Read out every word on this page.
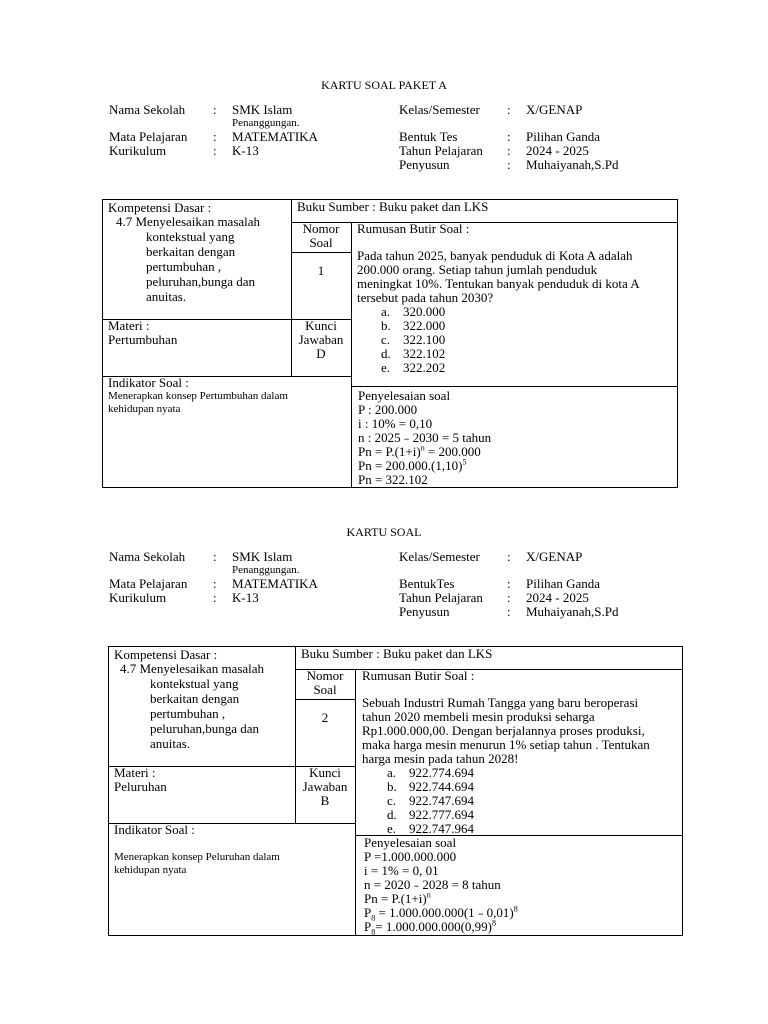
KARTU SOAL PAKET A
Nama Sekolah : SMK Islam
Penanggungan.
Mata Pelajaran : MATEMATIKA
Kurikulum	: K-13
Kelas/Semester : X/GENAP
Bentuk Tes	: Pilihan Ganda
Tahun Pelajaran : 2024 - 2025
Penyusun	: Muhaiyanah,S.Pd
Kompetensi Dasar :
4.7 Menyelesaikan masalah
kontekstual yang
berkaitan dengan
pertumbuhan ,
peluruhan,bunga dan
anuitas.
Buku Sumber : Buku paket dan LKS
Nomor
Soal
1
Rumusan Butir Soal :
Pada tahun 2025, banyak penduduk di Kota A adalah
200.000 orang. Setiap tahun jumlah penduduk
meningkat 10%. Tentukan banyak penduduk di kota A
tersebut pada tahun 2030?
a. 320.000
b. 322.000
c. 322.100
d. 322.102
e. 322.202
Materi :
Pertumbuhan
Kunci
Jawaban
D
Indikator Soal :
Menerapkan konsep Pertumbuhan dalam
kehidupan nyata
Penyelesaian soal
P : 200.000
i : 10% = 0,10
n : 2025 – 2030 = 5 tahun
$Pn = P.(1+i)^n = 200.000$
$Pn = 200.000.(1,10)^5$
Pn = 322.102
KARTU SOAL
Nama Sekolah : SMK Islam
Penanggungan.
Mata Pelajaran : MATEMATIKA
Kurikulum	: K-13
Kelas/Semester : X/GENAP
BentukTes	: Pilihan Ganda
Tahun Pelajaran : 2024 - 2025
Penyusun	: Muhaiyanah,S.Pd
Kompetensi Dasar :
4.7 Menyelesaikan masalah
kontekstual yang
berkaitan dengan
pertumbuhan ,
peluruhan,bunga dan
anuitas.
Buku Sumber : Buku paket dan LKS
Nomor
Soal
2
Rumusan Butir Soal :
Sebuah Industri Rumah Tangga yang baru beroperasi
tahun 2020 membeli mesin produksi seharga
Rp1.000.000,00. Dengan berjalannya proses produksi,
maka harga mesin menurun 1% setiap tahun . Tentukan
harga mesin pada tahun 2028!
a. 922.774.694
b. 922.744.694
c. 922.747.694
d. 922.777.694
e. 922.747.964
Materi :
Peluruhan
Kunci
Jawaban
B
Indikator Soal :
Menerapkan konsep Peluruhan dalam
kehidupan nyata
Penyelesaian soal
P =1.000.000.000
i = 1% = 0, 01
n = 2020 – 2028 = 8 tahun
$Pn = P.(1+i)^n$
$P_8 = 1.000.000.000(1 - 0,01)^8$
$P_8= 1.000.000.000(0,99)^8$
